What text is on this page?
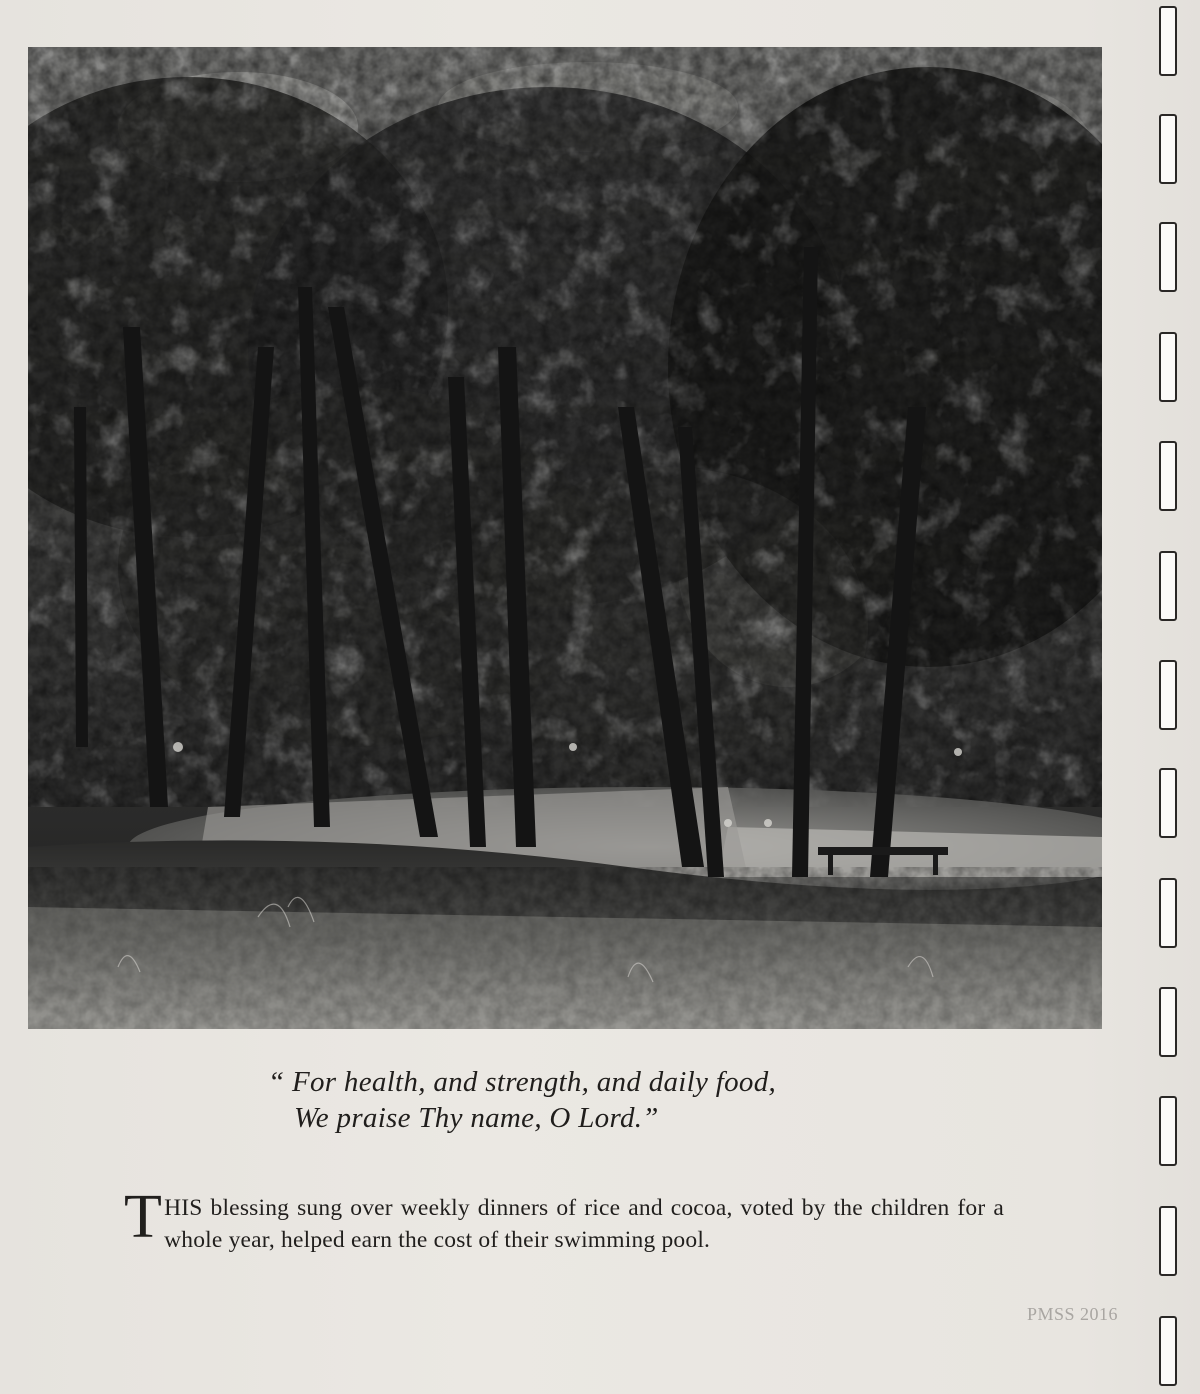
“ For health, and strength, and daily food,
We praise Thy name, O Lord.”
THIS blessing sung over weekly dinners of rice and cocoa, voted by the children for a whole year, helped earn the cost of their swimming pool.
PMSS 2016
